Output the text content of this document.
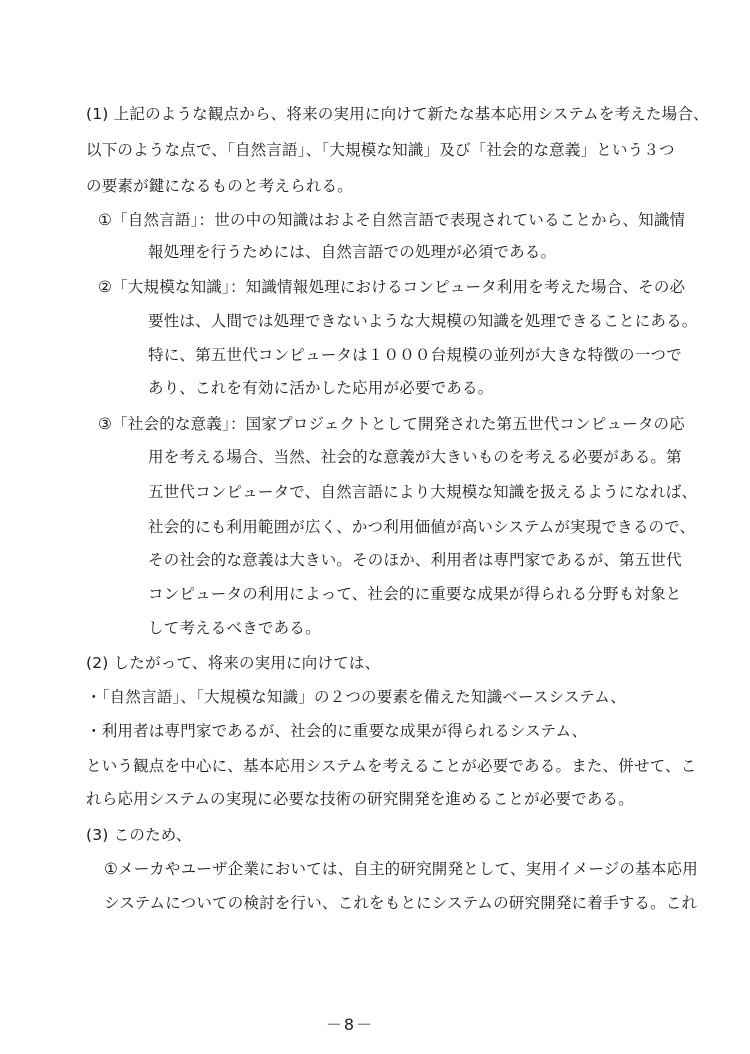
(1) 上記のような観点から、将来の実用に向けて新たな基本応用システムを考えた場合、
以下のような点で、「自然言語」、「大規模な知識」及び「社会的な意義」という３つ
の要素が鍵になるものと考えられる。
①「自然言語」：世の中の知識はおよそ自然言語で表現されていることから、知識情
報処理を行うためには、自然言語での処理が必須である。
②「大規模な知識」：知識情報処理におけるコンピュータ利用を考えた場合、その必
要性は、人間では処理できないような大規模の知識を処理できることにある。
特に、第五世代コンピュータは１０００台規模の並列が大きな特徴の一つで
あり、これを有効に活かした応用が必要である。
③「社会的な意義」：国家プロジェクトとして開発された第五世代コンピュータの応
用を考える場合、当然、社会的な意義が大きいものを考える必要がある。第
五世代コンピュータで、自然言語により大規模な知識を扱えるようになれば、
社会的にも利用範囲が広く、かつ利用価値が高いシステムが実現できるので、
その社会的な意義は大きい。そのほか、利用者は専門家であるが、第五世代
コンピュータの利用によって、社会的に重要な成果が得られる分野も対象と
して考えるべきである。
(2) したがって、将来の実用に向けては、
・「自然言語」、「大規模な知識」の２つの要素を備えた知識ベースシステム、
・利用者は専門家であるが、社会的に重要な成果が得られるシステム、
という観点を中心に、基本応用システムを考えることが必要である。また、併せて、こ
れら応用システムの実現に必要な技術の研究開発を進めることが必要である。
(3) このため、
①メーカやユーザ企業においては、自主的研究開発として、実用イメージの基本応用
システムについての検討を行い、これをもとにシステムの研究開発に着手する。これ
－8－
